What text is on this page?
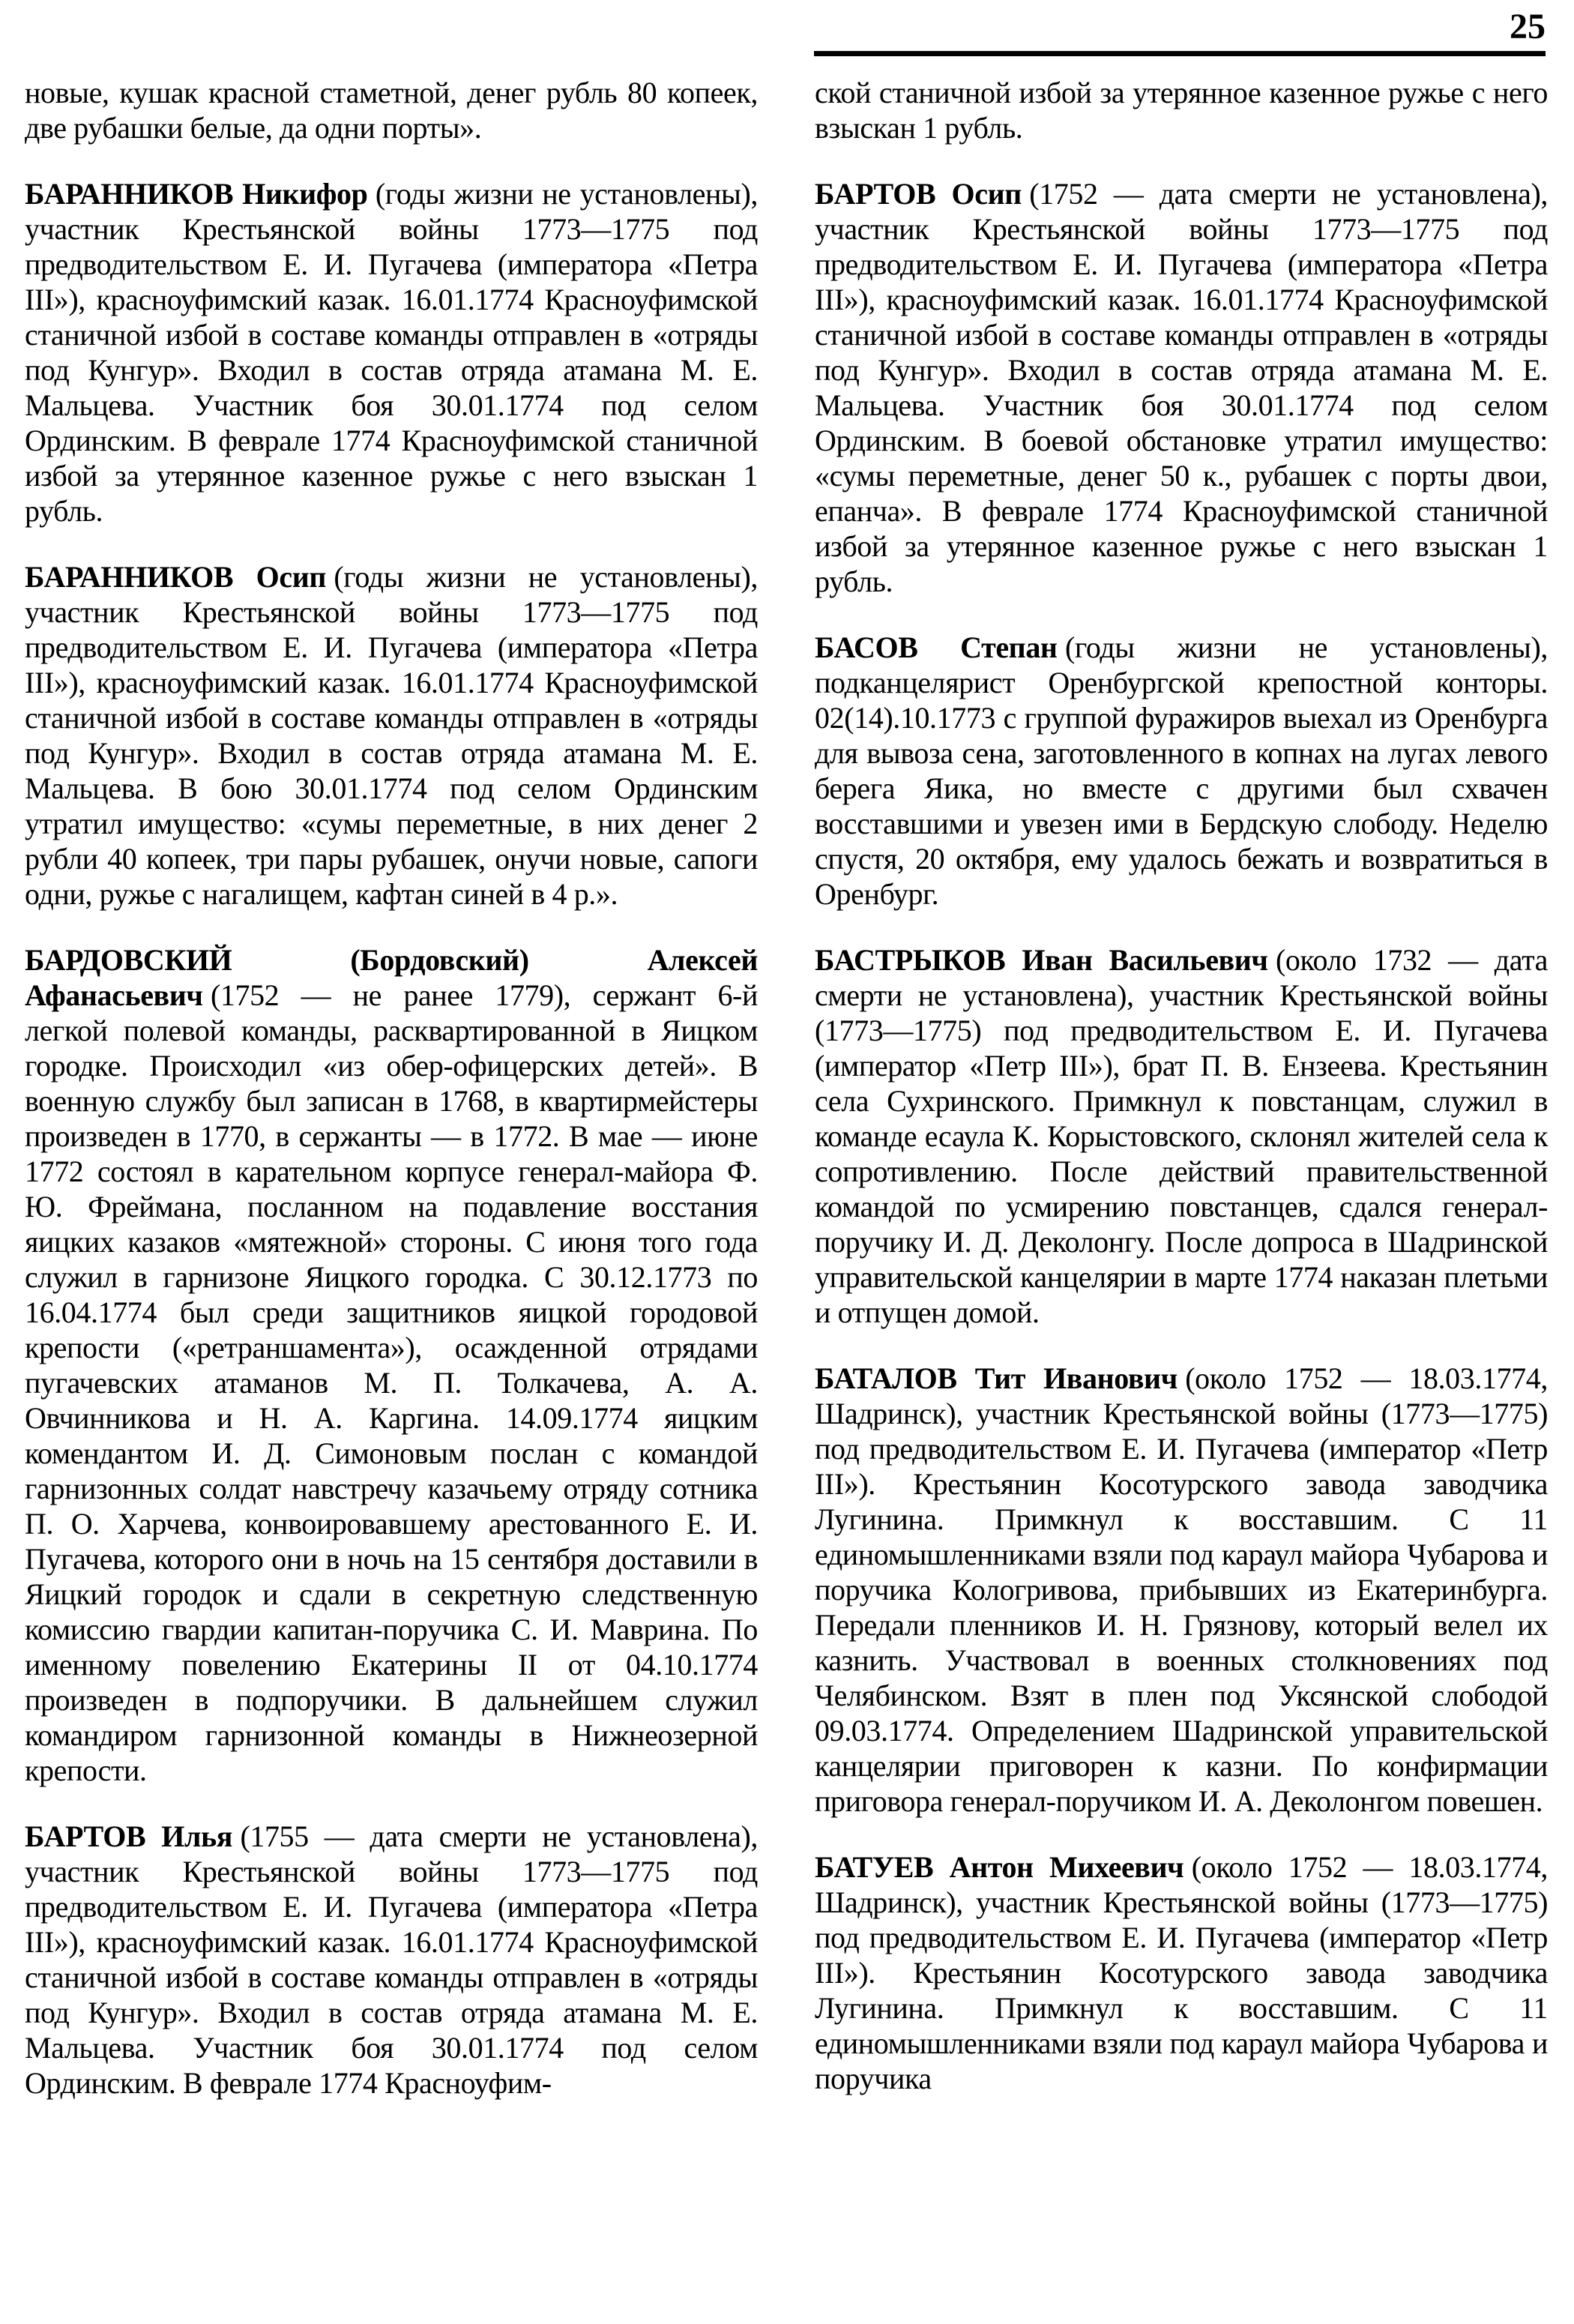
25

новые, кушак красной стаметной, денег рубль 80 копеек, две рубашки белые, да одни порты».

БАРАННИКОВ Никифор (годы жизни не установлены), участник Крестьянской войны 1773—1775 под предводительством Е. И. Пугачева (императора «Петра III»), красноуфимский казак. 16.01.1774 Красноуфимской станичной избой в составе команды отправлен в «отряды под Кунгур». Входил в состав отряда атамана М. Е. Мальцева. Участник боя 30.01.1774 под селом Ординским. В феврале 1774 Красноуфимской станичной избой за утерянное казенное ружье с него взыскан 1 рубль.

БАРАННИКОВ Осип (годы жизни не установлены), участник Крестьянской войны 1773—1775 под предводительством Е. И. Пугачева (императора «Петра III»), красноуфимский казак. 16.01.1774 Красноуфимской станичной избой в составе команды отправлен в «отряды под Кунгур». Входил в состав отряда атамана М. Е. Мальцева. В бою 30.01.1774 под селом Ординским утратил имущество: «сумы переметные, в них денег 2 рубли 40 копеек, три пары рубашек, онучи новые, сапоги одни, ружье с нагалищем, кафтан синей в 4 р.».

БАРДОВСКИЙ (Бордовский) Алексей Афанасьевич (1752 — не ранее 1779), сержант 6-й легкой полевой команды, расквартированной в Яицком городке. Происходил «из обер-офицерских детей». В военную службу был записан в 1768, в квартирмейстеры произведен в 1770, в сержанты — в 1772. В мае — июне 1772 состоял в карательном корпусе генерал-майора Ф. Ю. Фреймана, посланном на подавление восстания яицких казаков «мятежной» стороны. С июня того года служил в гарнизоне Яицкого городка. С 30.12.1773 по 16.04.1774 был среди защитников яицкой городовой крепости («ретраншамента»), осажденной отрядами пугачевских атаманов М. П. Толкачева, А. А. Овчинникова и Н. А. Каргина. 14.09.1774 яицким комендантом И. Д. Симоновым послан с командой гарнизонных солдат навстречу казачьему отряду сотника П. О. Харчева, конвоировавшему арестованного Е. И. Пугачева, которого они в ночь на 15 сентября доставили в Яицкий городок и сдали в секретную следственную комиссию гвардии капитан-поручика С. И. Маврина. По именному повелению Екатерины II от 04.10.1774 произведен в подпоручики. В дальнейшем служил командиром гарнизонной команды в Нижнеозерной крепости.

БАРТОВ Илья (1755 — дата смерти не установлена), участник Крестьянской войны 1773—1775 под предводительством Е. И. Пугачева (императора «Петра III»), красноуфимский казак. 16.01.1774 Красноуфимской станичной избой в составе команды отправлен в «отряды под Кунгур». Входил в состав отряда атамана М. Е. Мальцева. Участник боя 30.01.1774 под селом Ординским. В феврале 1774 Красноуфим-

ской станичной избой за утерянное казенное ружье с него взыскан 1 рубль.

БАРТОВ Осип (1752 — дата смерти не установлена), участник Крестьянской войны 1773—1775 под предводительством Е. И. Пугачева (императора «Петра III»), красноуфимский казак. 16.01.1774 Красноуфимской станичной избой в составе команды отправлен в «отряды под Кунгур». Входил в состав отряда атамана М. Е. Мальцева. Участник боя 30.01.1774 под селом Ординским. В боевой обстановке утратил имущество: «сумы переметные, денег 50 к., рубашек с порты двои, епанча». В феврале 1774 Красноуфимской станичной избой за утерянное казенное ружье с него взыскан 1 рубль.

БАСОВ Степан (годы жизни не установлены), подканцелярист Оренбургской крепостной конторы. 02(14).10.1773 с группой фуражиров выехал из Оренбурга для вывоза сена, заготовленного в копнах на лугах левого берега Яика, но вместе с другими был схвачен восставшими и увезен ими в Бердскую слободу. Неделю спустя, 20 октября, ему удалось бежать и возвратиться в Оренбург.

БАСТРЫКОВ Иван Васильевич (около 1732 — дата смерти не установлена), участник Крестьянской войны (1773—1775) под предводительством Е. И. Пугачева (император «Петр III»), брат П. В. Ензеева. Крестьянин села Сухринского. Примкнул к повстанцам, служил в команде есаула К. Корыстовского, склонял жителей села к сопротивлению. После действий правительственной командой по усмирению повстанцев, сдался генерал-поручику И. Д. Деколонгу. После допроса в Шадринской управительской канцелярии в марте 1774 наказан плетьми и отпущен домой.

БАТАЛОВ Тит Иванович (около 1752 — 18.03.1774, Шадринск), участник Крестьянской войны (1773—1775) под предводительством Е. И. Пугачева (император «Петр III»). Крестьянин Косотурского завода заводчика Лугинина. Примкнул к восставшим. С 11 единомышленниками взяли под караул майора Чубарова и поручика Кологривова, прибывших из Екатеринбурга. Передали пленников И. Н. Грязнову, который велел их казнить. Участвовал в военных столкновениях под Челябинском. Взят в плен под Уксянской слободой 09.03.1774. Определением Шадринской управительской канцелярии приговорен к казни. По конфирмации приговора генерал-поручиком И. А. Деколонгом повешен.

БАТУЕВ Антон Михеевич (около 1752 — 18.03.1774, Шадринск), участник Крестьянской войны (1773—1775) под предводительством Е. И. Пугачева (император «Петр III»). Крестьянин Косотурского завода заводчика Лугинина. Примкнул к восставшим. С 11 единомышленниками взяли под караул майора Чубарова и поручика
